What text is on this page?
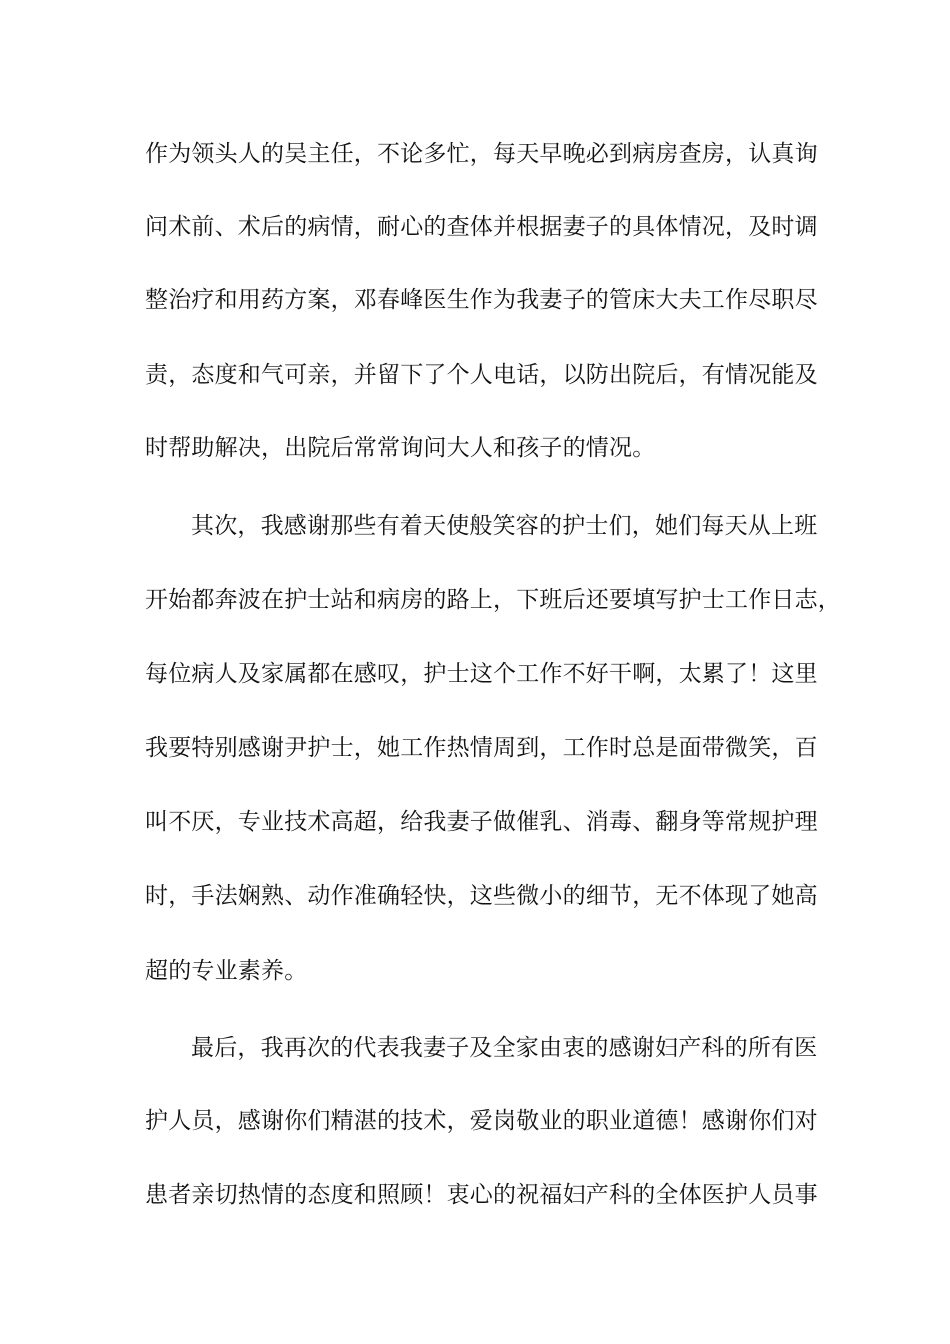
作为领头人的吴主任，不论多忙，每天早晚必到病房查房，认真询
问术前、术后的病情，耐心的查体并根据妻子的具体情况，及时调
整治疗和用药方案，邓春峰医生作为我妻子的管床大夫工作尽职尽
责，态度和气可亲，并留下了个人电话，以防出院后，有情况能及
时帮助解决，出院后常常询问大人和孩子的情况。
其次，我感谢那些有着天使般笑容的护士们，她们每天从上班
开始都奔波在护士站和病房的路上，下班后还要填写护士工作日志，
每位病人及家属都在感叹，护士这个工作不好干啊，太累了！这里
我要特别感谢尹护士，她工作热情周到，工作时总是面带微笑，百
叫不厌，专业技术高超，给我妻子做催乳、消毒、翻身等常规护理
时，手法娴熟、动作准确轻快，这些微小的细节，无不体现了她高
超的专业素养。
最后，我再次的代表我妻子及全家由衷的感谢妇产科的所有医
护人员，感谢你们精湛的技术，爱岗敬业的职业道德！感谢你们对
患者亲切热情的态度和照顾！衷心的祝福妇产科的全体医护人员事
